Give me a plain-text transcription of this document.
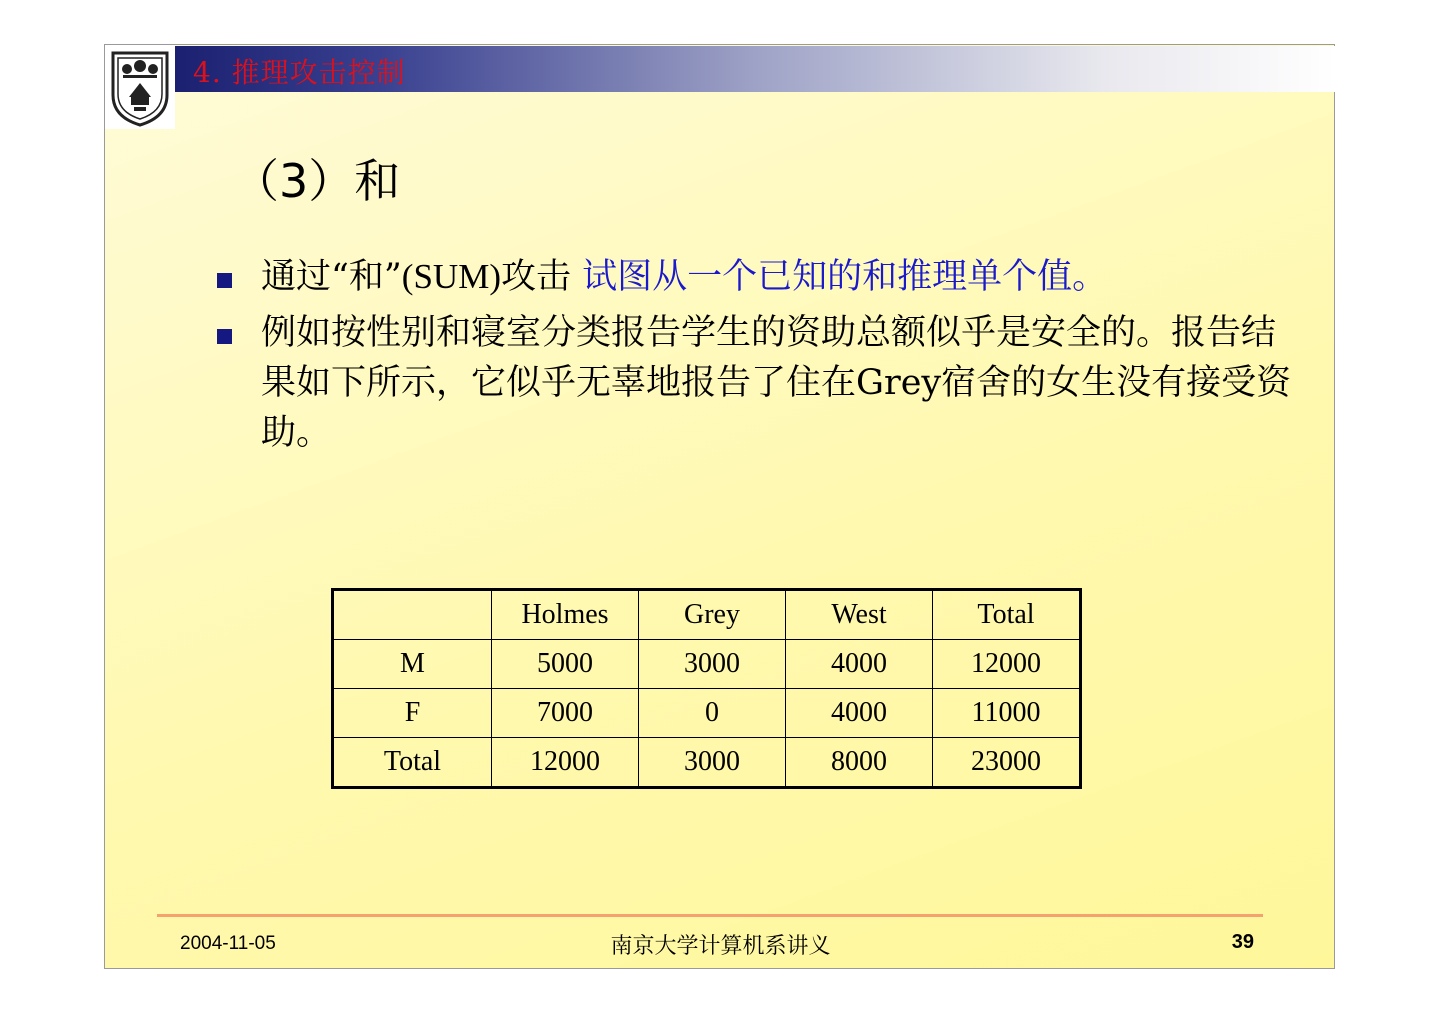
4. 推理攻击控制
（3）和
通过“和”(SUM)攻击 试图从一个已知的和推理单个值。
例如按性别和寝室分类报告学生的资助总额似乎是安全的。报告结果如下所示，它似乎无辜地报告了住在Grey宿舍的女生没有接受资助。
	Holmes	Grey	West	Total
M	5000	3000	4000	12000
F	7000	0	4000	11000
Total	12000	3000	8000	23000
2004-11-05	南京大学计算机系讲义	39
